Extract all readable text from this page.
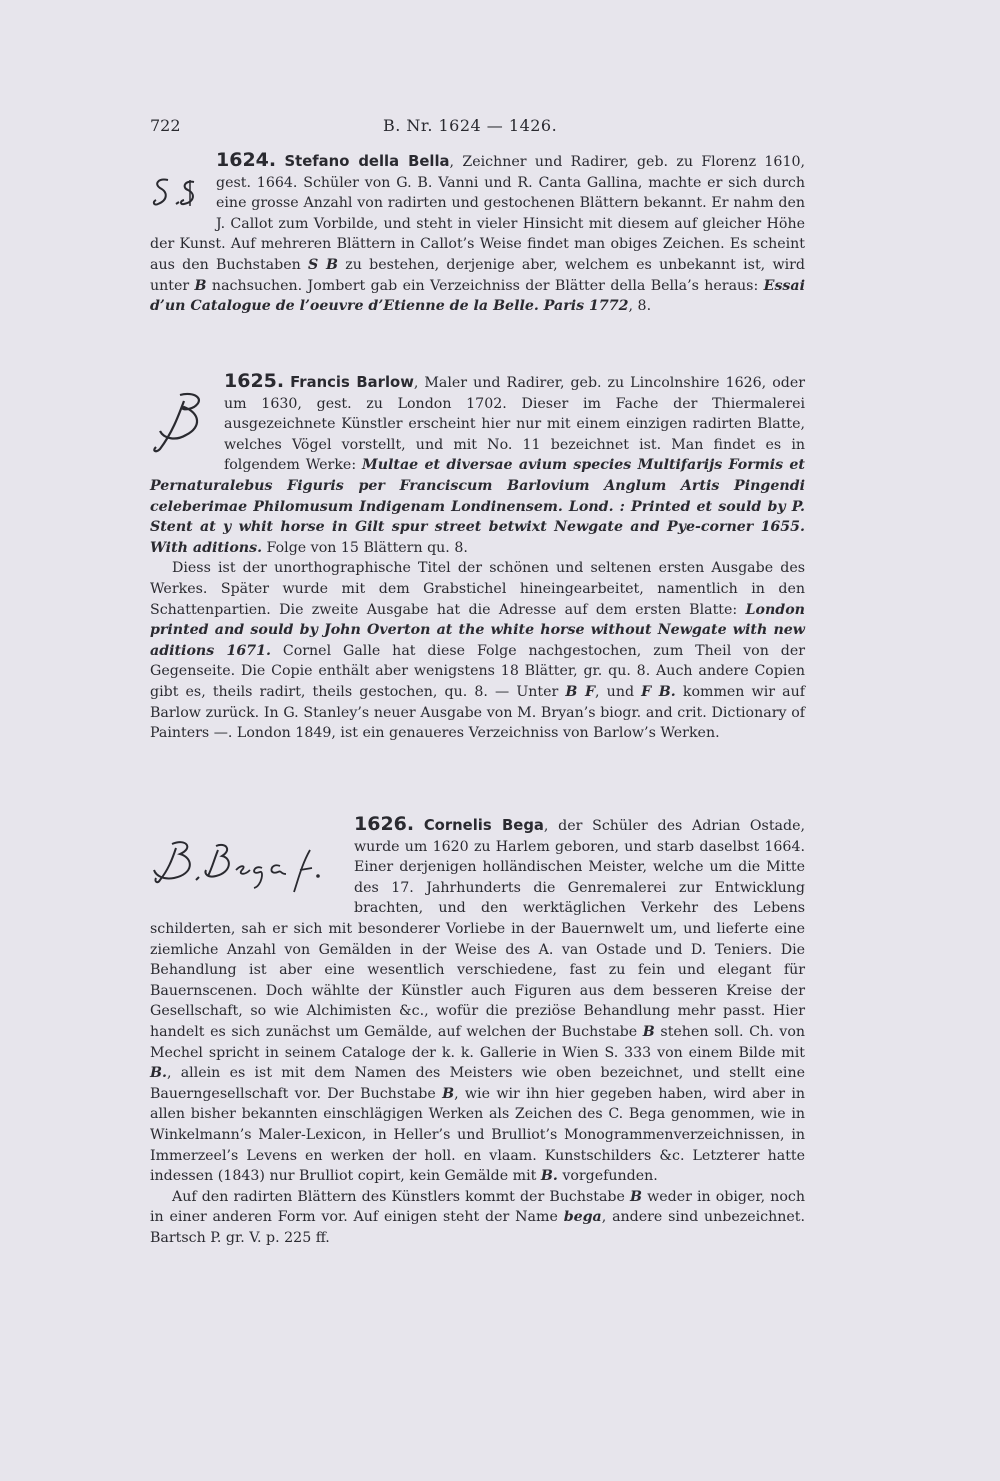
722	B. Nr. 1624 — 1426.

1624. Stefano della Bella, Zeichner und Radirer, geb. zu Florenz 1610, gest. 1664. Schüler von G. B. Vanni und R. Canta Gallina, machte er sich durch eine grosse Anzahl von radirten und gestochenen Blättern bekannt. Er nahm den J. Callot zum Vorbilde, und steht in vieler Hinsicht mit diesem auf gleicher Höhe der Kunst. Auf mehreren Blättern in Callot’s Weise findet man obiges Zeichen. Es scheint aus den Buchstaben S B zu bestehen, derjenige aber, welchem es unbekannt ist, wird unter B nachsuchen. Jombert gab ein Verzeichniss der Blätter della Bella’s heraus: Essai d’un Catalogue de l’oeuvre d’Etienne de la Belle. Paris 1772, 8.

1625. Francis Barlow, Maler und Radirer, geb. zu Lincolnshire 1626, oder um 1630, gest. zu London 1702. Dieser im Fache der Thiermalerei ausgezeichnete Künstler erscheint hier nur mit einem einzigen radirten Blatte, welches Vögel vorstellt, und mit No. 11 bezeichnet ist. Man findet es in folgendem Werke: Multae et diversae avium species Multifarijs Formis et Pernaturalebus Figuris per Franciscum Barlovium Anglum Artis Pingendi celeberimae Philomusum Indigenam Londinensem. Lond. : Printed et sould by P. Stent at y whit horse in Gilt spur street betwixt Newgate and Pye-corner 1655. With aditions. Folge von 15 Blättern qu. 8.

Diess ist der unorthographische Titel der schönen und seltenen ersten Ausgabe des Werkes. Später wurde mit dem Grabstichel hineingearbeitet, namentlich in den Schattenpartien. Die zweite Ausgabe hat die Adresse auf dem ersten Blatte: London printed and sould by John Overton at the white horse without Newgate with new aditions 1671. Cornel Galle hat diese Folge nachgestochen, zum Theil von der Gegenseite. Die Copie enthält aber wenigstens 18 Blätter, gr. qu. 8. Auch andere Copien gibt es, theils radirt, theils gestochen, qu. 8. — Unter B F, und F B. kommen wir auf Barlow zurück. In G. Stanley’s neuer Ausgabe von M. Bryan’s biogr. and crit. Dictionary of Painters —. London 1849, ist ein genaueres Verzeichniss von Barlow’s Werken.

1626. Cornelis Bega, der Schüler des Adrian Ostade, wurde um 1620 zu Harlem geboren, und starb daselbst 1664. Einer derjenigen holländischen Meister, welche um die Mitte des 17. Jahrhunderts die Genremalerei zur Entwicklung brachten, und den werktäglichen Verkehr des Lebens schilderten, sah er sich mit besonderer Vorliebe in der Bauernwelt um, und lieferte eine ziemliche Anzahl von Gemälden in der Weise des A. van Ostade und D. Teniers. Die Behandlung ist aber eine wesentlich verschiedene, fast zu fein und elegant für Bauernscenen. Doch wählte der Künstler auch Figuren aus dem besseren Kreise der Gesellschaft, so wie Alchimisten &c., wofür die preziöse Behandlung mehr passt. Hier handelt es sich zunächst um Gemälde, auf welchen der Buchstabe B stehen soll. Ch. von Mechel spricht in seinem Cataloge der k. k. Gallerie in Wien S. 333 von einem Bilde mit B., allein es ist mit dem Namen des Meisters wie oben bezeichnet, und stellt eine Bauerngesellschaft vor. Der Buchstabe B, wie wir ihn hier gegeben haben, wird aber in allen bisher bekannten einschlägigen Werken als Zeichen des C. Bega genommen, wie in Winkelmann’s Maler-Lexicon, in Heller’s und Brulliot’s Monogrammenverzeichnissen, in Immerzeel’s Levens en werken der holl. en vlaam. Kunstschilders &c. Letzterer hatte indessen (1843) nur Brulliot copirt, kein Gemälde mit B. vorgefunden.

Auf den radirten Blättern des Künstlers kommt der Buchstabe B weder in obiger, noch in einer anderen Form vor. Auf einigen steht der Name bega, andere sind unbezeichnet. Bartsch P. gr. V. p. 225 ff.
